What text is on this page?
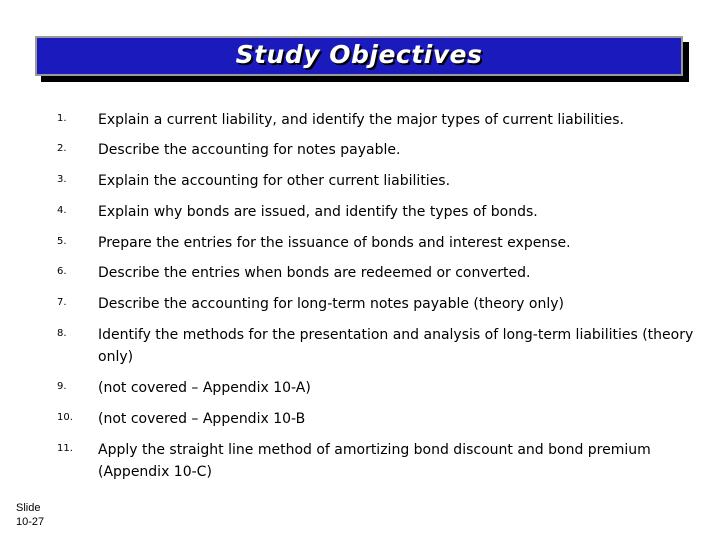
Study Objectives
1. Explain a current liability, and identify the major types of current liabilities.
2. Describe the accounting for notes payable.
3. Explain the accounting for other current liabilities.
4. Explain why bonds are issued, and identify the types of bonds.
5. Prepare the entries for the issuance of bonds and interest expense.
6. Describe the entries when bonds are redeemed or converted.
7. Describe the accounting for long-term notes payable (theory only)
8. Identify the methods for the presentation and analysis of long-term liabilities (theory only)
9. (not covered – Appendix 10-A)
10. (not covered – Appendix 10-B
11. Apply the straight line method of amortizing bond discount and bond premium (Appendix 10-C)
Slide
10-27
